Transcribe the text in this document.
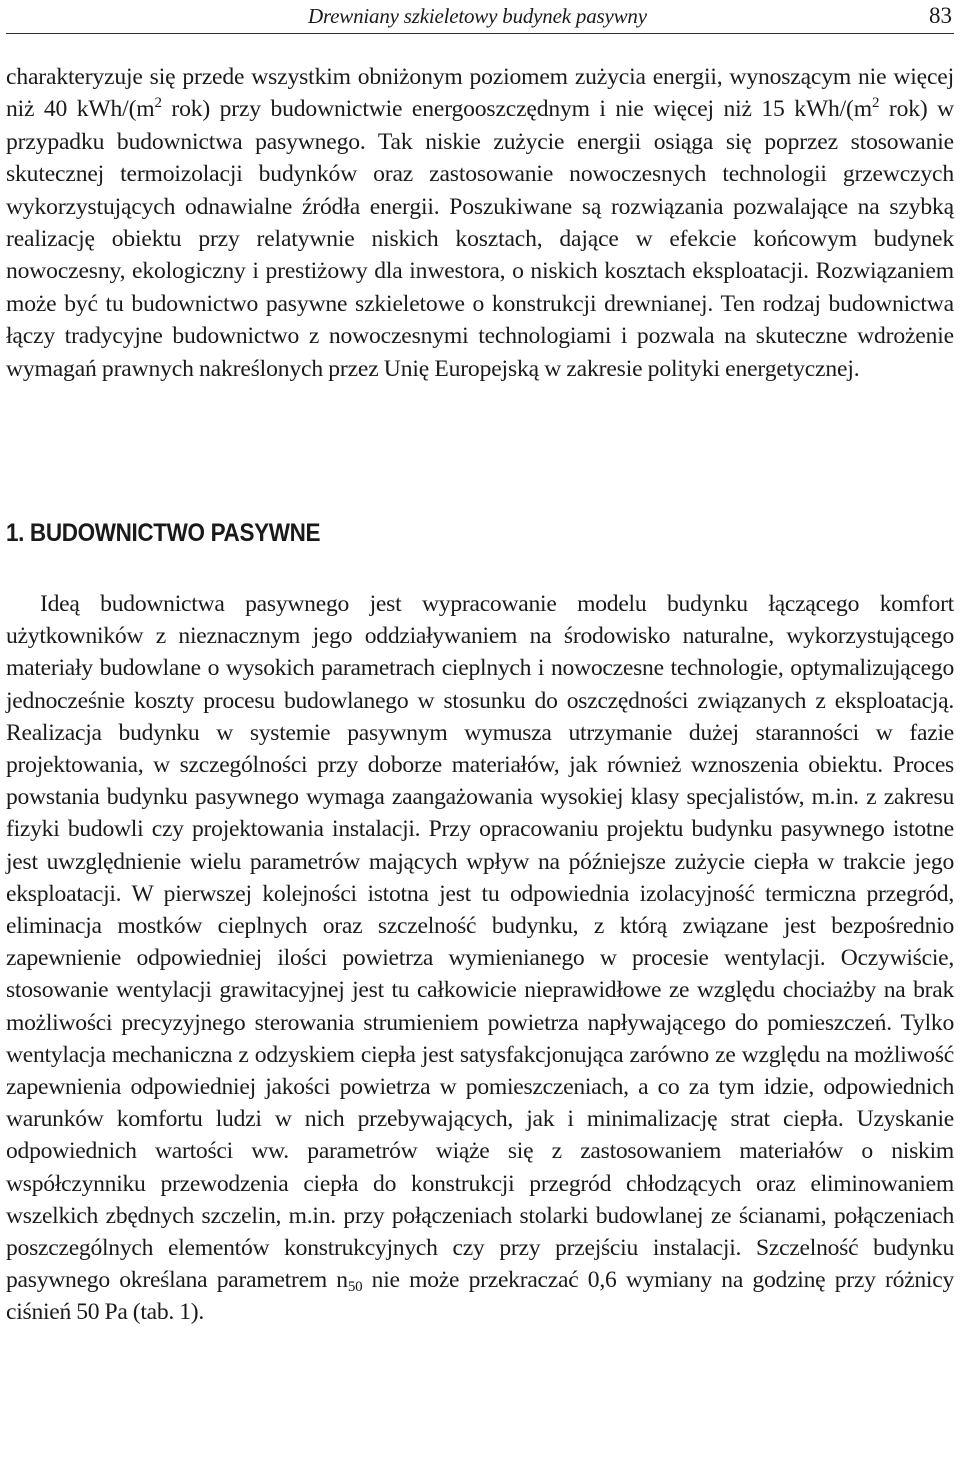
Drewniany szkieletowy budynek pasywny	83

charakteryzuje się przede wszystkim obniżonym poziomem zużycia energii, wynoszącym nie więcej niż 40 kWh/($m^2$ rok) przy budownictwie energooszczędnym i nie więcej niż 15 kWh/($m^2$ rok) w przypadku budownictwa pasywnego. Tak niskie zużycie energii osiąga się poprzez stosowanie skutecznej termoizolacji budynków oraz zastosowanie nowoczesnych technologii grzewczych wykorzystujących odnawialne źródła energii. Poszukiwane są rozwiązania pozwalające na szybką realizację obiektu przy relatywnie niskich kosztach, dające w efekcie końcowym budynek nowoczesny, ekologiczny i prestiżowy dla inwestora, o niskich kosztach eksploatacji. Rozwiązaniem może być tu budownictwo pasywne szkieletowe o konstrukcji drewnianej. Ten rodzaj budownictwa łączy tradycyjne budownictwo z nowoczesnymi technologiami i pozwala na skuteczne wdrożenie wymagań prawnych nakreślonych przez Unię Europejską w zakresie polityki energetycznej.

1. BUDOWNICTWO PASYWNE

Ideą budownictwa pasywnego jest wypracowanie modelu budynku łączącego komfort użytkowników z nieznacznym jego oddziaływaniem na środowisko naturalne, wykorzystującego materiały budowlane o wysokich parametrach cieplnych i nowoczesne technologie, optymalizującego jednocześnie koszty procesu budowlanego w stosunku do oszczędności związanych z eksploatacją. Realizacja budynku w systemie pasywnym wymusza utrzymanie dużej staranności w fazie projektowania, w szczególności przy doborze materiałów, jak również wznoszenia obiektu. Proces powstania budynku pasywnego wymaga zaangażowania wysokiej klasy specjalistów, m.in. z zakresu fizyki budowli czy projektowania instalacji. Przy opracowaniu projektu budynku pasywnego istotne jest uwzględnienie wielu parametrów mających wpływ na późniejsze zużycie ciepła w trakcie jego eksploatacji. W pierwszej kolejności istotna jest tu odpowiednia izolacyjność termiczna przegród, eliminacja mostków cieplnych oraz szczelność budynku, z którą związane jest bezpośrednio zapewnienie odpowiedniej ilości powietrza wymienianego w procesie wentylacji. Oczywiście, stosowanie wentylacji grawitacyjnej jest tu całkowicie nieprawidłowe ze względu chociażby na brak możliwości precyzyjnego sterowania strumieniem powietrza napływającego do pomieszczeń. Tylko wentylacja mechaniczna z odzyskiem ciepła jest satysfakcjonująca zarówno ze względu na możliwość zapewnienia odpowiedniej jakości powietrza w pomieszczeniach, a co za tym idzie, odpowiednich warunków komfortu ludzi w nich przebywających, jak i minimalizację strat ciepła. Uzyskanie odpowiednich wartości ww. parametrów wiąże się z zastosowaniem materiałów o niskim współczynniku przewodzenia ciepła do konstrukcji przegród chłodzących oraz eliminowaniem wszelkich zbędnych szczelin, m.in. przy połączeniach stolarki budowlanej ze ścianami, połączeniach poszczególnych elementów konstrukcyjnych czy przy przejściu instalacji. Szczelność budynku pasywnego określana parametrem $n_{50}$ nie może przekraczać 0,6 wymiany na godzinę przy różnicy ciśnień 50 Pa (tab. 1).
